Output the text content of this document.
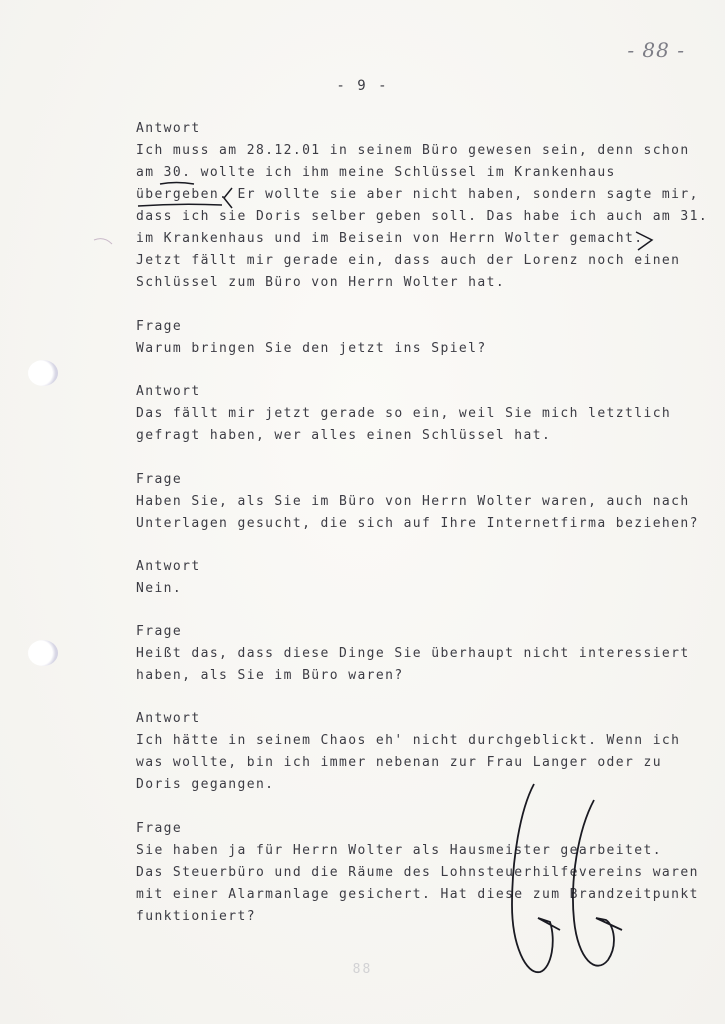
- 88 -
- 9 -
Antwort
Ich muss am 28.12.01 in seinem Büro gewesen sein, denn schon
am 30. wollte ich ihm meine Schlüssel im Krankenhaus
übergeben. Er wollte sie aber nicht haben, sondern sagte mir,
dass ich sie Doris selber geben soll. Das habe ich auch am 31.
im Krankenhaus und im Beisein von Herrn Wolter gemacht.
Jetzt fällt mir gerade ein, dass auch der Lorenz noch einen
Schlüssel zum Büro von Herrn Wolter hat.
Frage
Warum bringen Sie den jetzt ins Spiel?
Antwort
Das fällt mir jetzt gerade so ein, weil Sie mich letztlich
gefragt haben, wer alles einen Schlüssel hat.
Frage
Haben Sie, als Sie im Büro von Herrn Wolter waren, auch nach
Unterlagen gesucht, die sich auf Ihre Internetfirma beziehen?
Antwort
Nein.
Frage
Heißt das, dass diese Dinge Sie überhaupt nicht interessiert
haben, als Sie im Büro waren?
Antwort
Ich hätte in seinem Chaos eh' nicht durchgeblickt. Wenn ich
was wollte, bin ich immer nebenan zur Frau Langer oder zu
Doris gegangen.
Frage
Sie haben ja für Herrn Wolter als Hausmeister gearbeitet.
Das Steuerbüro und die Räume des Lohnsteuerhilfevereins waren
mit einer Alarmanlage gesichert. Hat diese zum Brandzeitpunkt
funktioniert?
88
